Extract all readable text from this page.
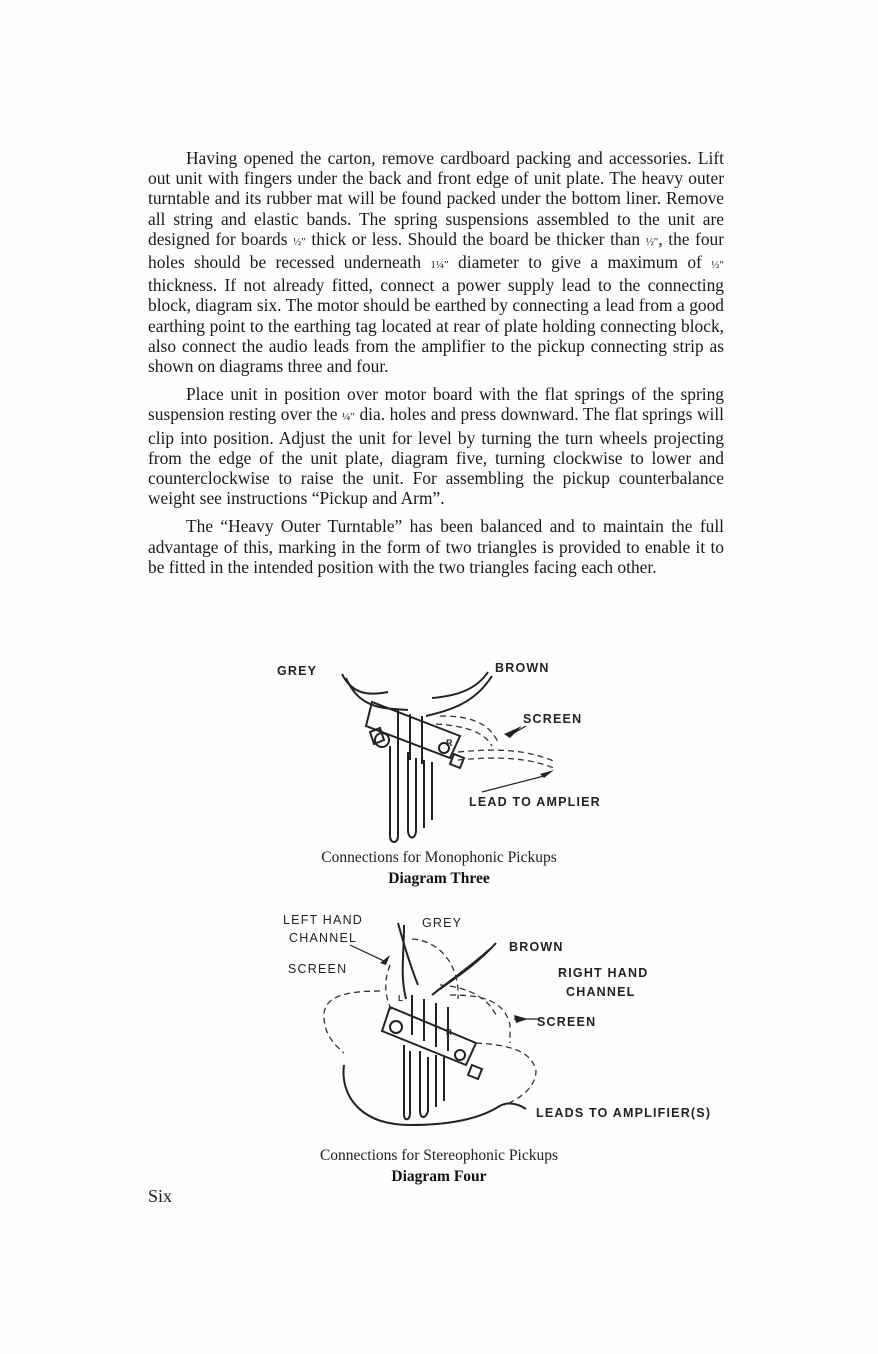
Having opened the carton, remove cardboard packing and accessories. Lift out unit with fingers under the back and front edge of unit plate. The heavy outer turntable and its rubber mat will be found packed under the bottom liner. Remove all string and elastic bands. The spring suspensions assembled to the unit are designed for boards ½″ thick or less. Should the board be thicker than ½″, the four holes should be recessed underneath 1¼″ diameter to give a maximum of ½″ thickness. If not already fitted, connect a power supply lead to the connecting block, diagram six. The motor should be earthed by connecting a lead from a good earthing point to the earthing tag located at rear of plate holding connecting block, also connect the audio leads from the amplifier to the pickup connecting strip as shown on diagrams three and four.

Place unit in position over motor board with the flat springs of the spring suspension resting over the ¼″ dia. holes and press downward. The flat springs will clip into position. Adjust the unit for level by turning the turn wheels projecting from the edge of the unit plate, diagram five, turning clockwise to lower and counterclockwise to raise the unit. For assembling the pickup counterbalance weight see instructions “Pickup and Arm”.

The “Heavy Outer Turntable” has been balanced and to maintain the full advantage of this, marking in the form of two triangles is provided to enable it to be fitted in the intended position with the two triangles facing each other.

R
GREY	BROWN
SCREEN
LEAD TO AMPLIER
Connections for Monophonic Pickups
Diagram Three
L
R
LEFT HAND
CHANNEL
GREY
BROWN
SCREEN	RIGHT HAND
CHANNEL
SCREEN
LEADS TO AMPLIFIER(S)
Connections for Stereophonic Pickups
Diagram Four
Six
